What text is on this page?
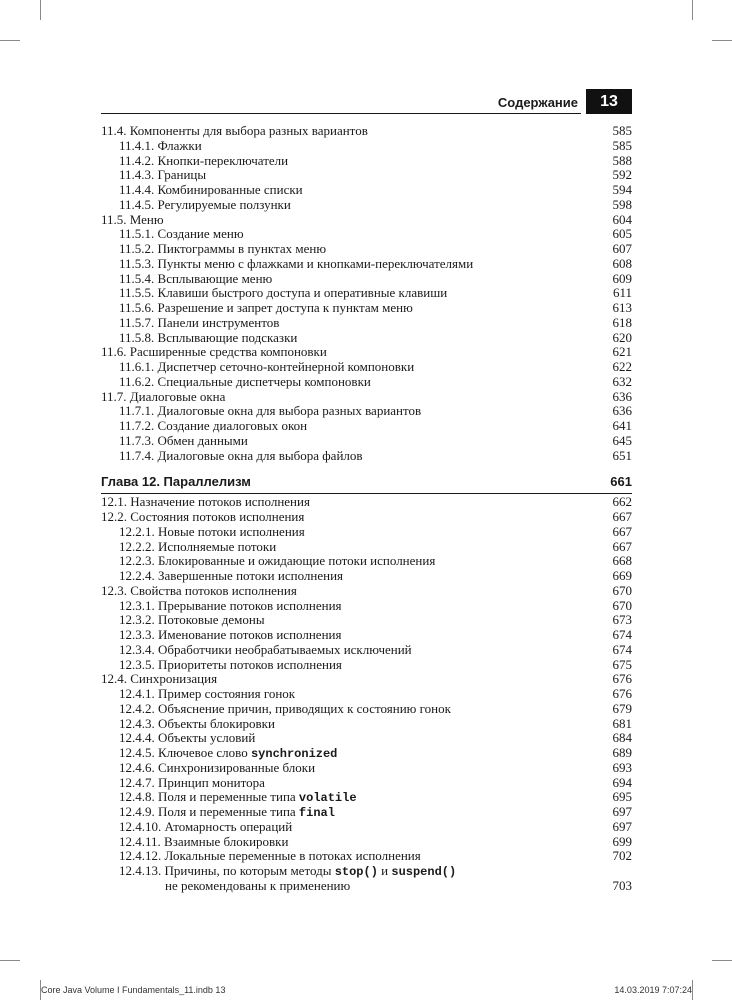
Содержание	13
11.4. Компоненты для выбора разных вариантов	585
11.4.1. Флажки	585
11.4.2. Кнопки-переключатели	588
11.4.3. Границы	592
11.4.4. Комбинированные списки	594
11.4.5. Регулируемые ползунки	598
11.5. Меню	604
11.5.1. Создание меню	605
11.5.2. Пиктограммы в пунктах меню	607
11.5.3. Пункты меню с флажками и кнопками-переключателями	608
11.5.4. Всплывающие меню	609
11.5.5. Клавиши быстрого доступа и оперативные клавиши	611
11.5.6. Разрешение и запрет доступа к пунктам меню	613
11.5.7. Панели инструментов	618
11.5.8. Всплывающие подсказки	620
11.6. Расширенные средства компоновки	621
11.6.1. Диспетчер сеточно-контейнерной компоновки	622
11.6.2. Специальные диспетчеры компоновки	632
11.7. Диалоговые окна	636
11.7.1. Диалоговые окна для выбора разных вариантов	636
11.7.2. Создание диалоговых окон	641
11.7.3. Обмен данными	645
11.7.4. Диалоговые окна для выбора файлов	651
Глава 12. Параллелизм	661
12.1. Назначение потоков исполнения	662
12.2. Состояния потоков исполнения	667
12.2.1. Новые потоки исполнения	667
12.2.2. Исполняемые потоки	667
12.2.3. Блокированные и ожидающие потоки исполнения	668
12.2.4. Завершенные потоки исполнения	669
12.3. Свойства потоков исполнения	670
12.3.1. Прерывание потоков исполнения	670
12.3.2. Потоковые демоны	673
12.3.3. Именование потоков исполнения	674
12.3.4. Обработчики необрабатываемых исключений	674
12.3.5. Приоритеты потоков исполнения	675
12.4. Синхронизация	676
12.4.1. Пример состояния гонок	676
12.4.2. Объяснение причин, приводящих к состоянию гонок	679
12.4.3. Объекты блокировки	681
12.4.4. Объекты условий	684
12.4.5. Ключевое слово synchronized	689
12.4.6. Синхронизированные блоки	693
12.4.7. Принцип монитора	694
12.4.8. Поля и переменные типа volatile	695
12.4.9. Поля и переменные типа final	697
12.4.10. Атомарность операций	697
12.4.11. Взаимные блокировки	699
12.4.12. Локальные переменные в потоках исполнения	702
12.4.13. Причины, по которым методы stop() и suspend()
не рекомендованы к применению	703
Core Java Volume I Fundamentals_11.indb 13	14.03.2019 7:07:24
